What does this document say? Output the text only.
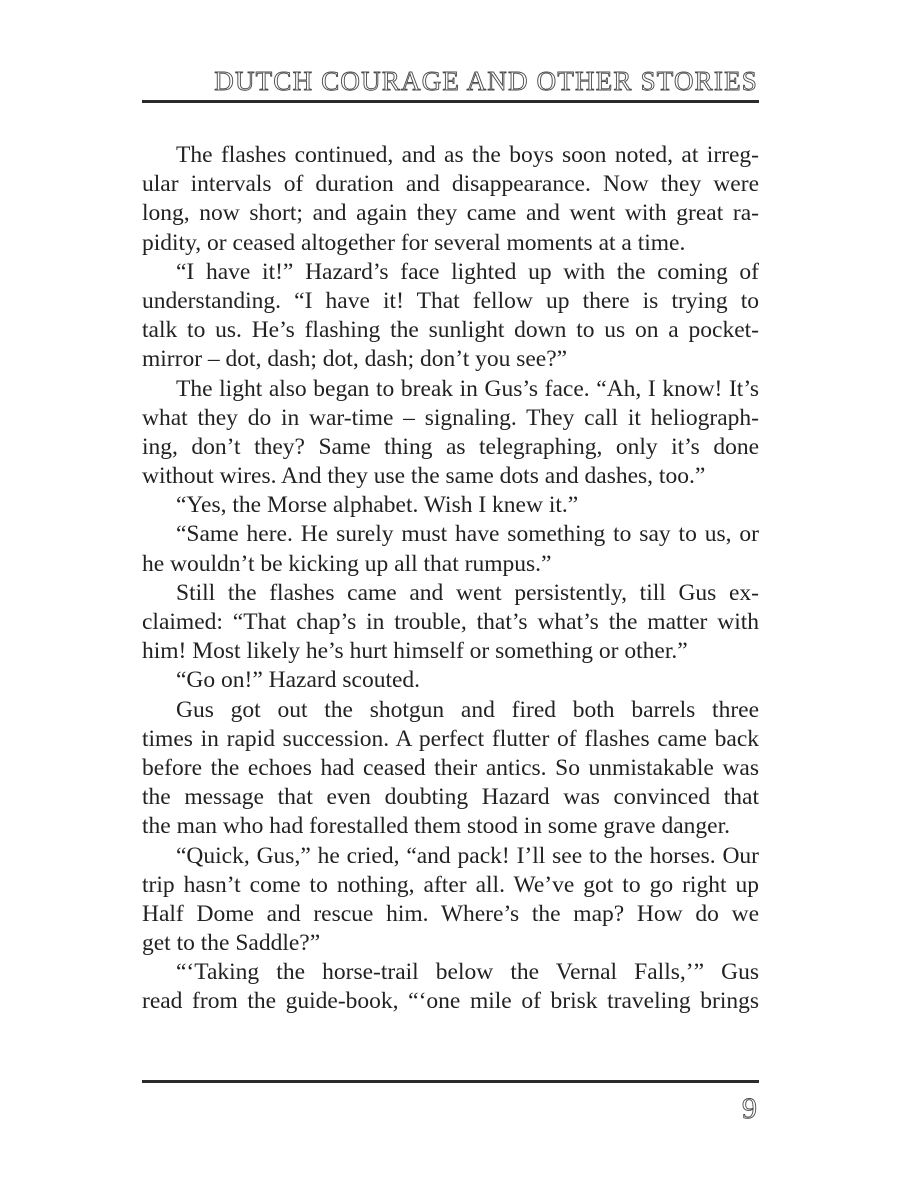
DUTCH COURAGE AND OTHER STORIES
The flashes continued, and as the boys soon noted, at irreg-
ular intervals of duration and disappearance. Now they were
long, now short; and again they came and went with great ra-
pidity, or ceased altogether for several moments at a time.
“I have it!” Hazard’s face lighted up with the coming of
understanding. “I have it! That fellow up there is trying to
talk to us. He’s flashing the sunlight down to us on a pocket-
mirror – dot, dash; dot, dash; don’t you see?”
The light also began to break in Gus’s face. “Ah, I know! It’s
what they do in war-time – signaling. They call it heliograph-
ing, don’t they? Same thing as telegraphing, only it’s done
without wires. And they use the same dots and dashes, too.”
“Yes, the Morse alphabet. Wish I knew it.”
“Same here. He surely must have something to say to us, or
he wouldn’t be kicking up all that rumpus.”
Still the flashes came and went persistently, till Gus ex-
claimed: “That chap’s in trouble, that’s what’s the matter with
him! Most likely he’s hurt himself or something or other.”
“Go on!” Hazard scouted.
Gus got out the shotgun and fired both barrels three
times in rapid succession. A perfect flutter of flashes came back
before the echoes had ceased their antics. So unmistakable was
the message that even doubting Hazard was convinced that
the man who had forestalled them stood in some grave danger.
“Quick, Gus,” he cried, “and pack! I’ll see to the horses. Our
trip hasn’t come to nothing, after all. We’ve got to go right up
Half Dome and rescue him. Where’s the map? How do we
get to the Saddle?”
“‘Taking the horse-trail below the Vernal Falls,’” Gus
read from the guide-book, “‘one mile of brisk traveling brings
9
